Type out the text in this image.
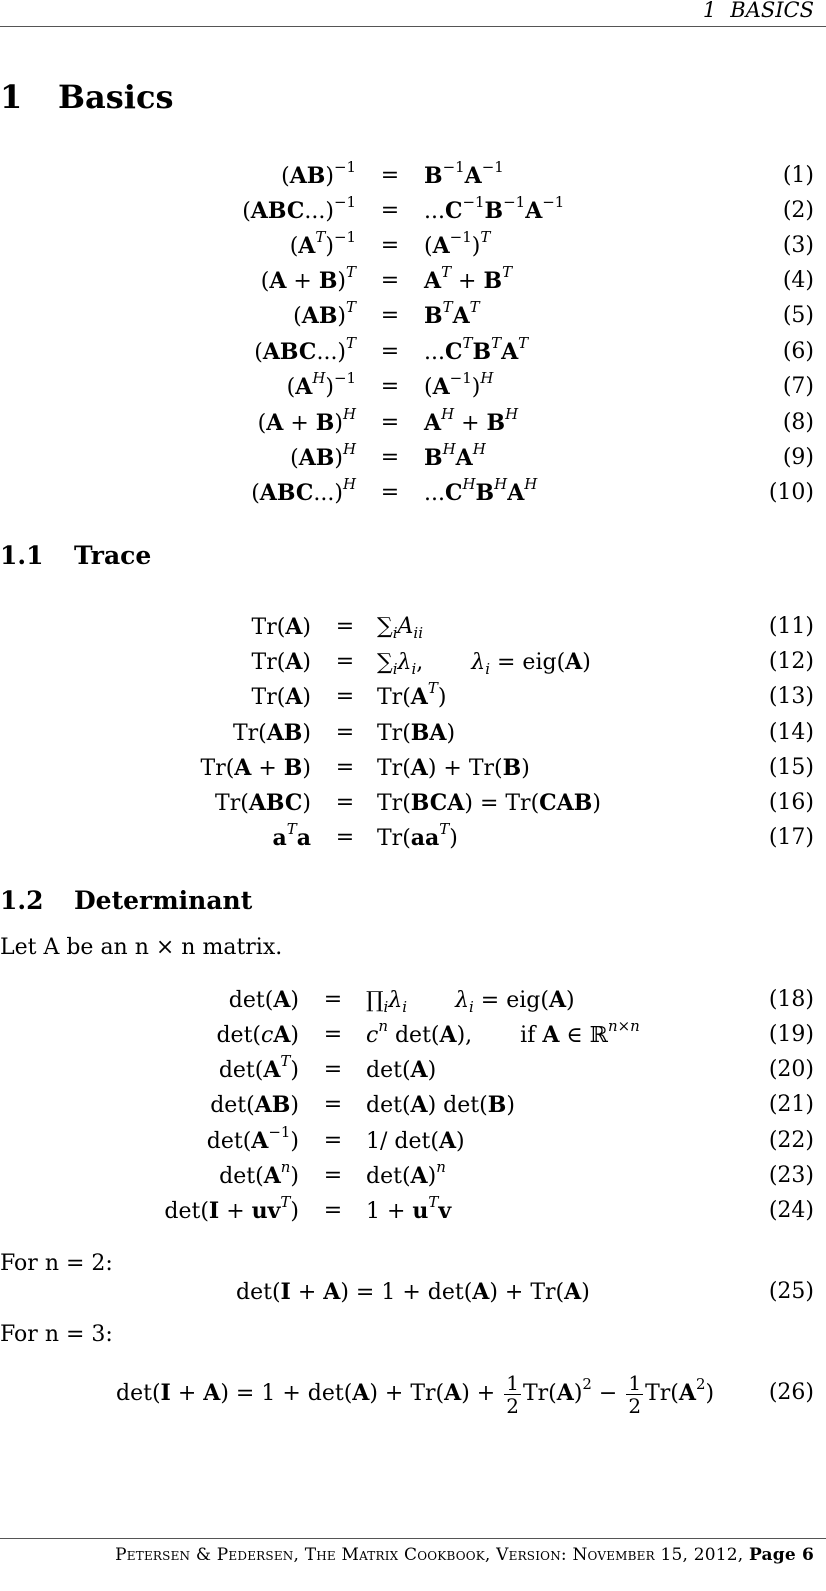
1 BASICS
1 Basics
$(AB)^{-1} = B^{-1}A^{-1}$	(1)
$(ABC...)^{-1} = ...C^{-1}B^{-1}A^{-1}$	(2)
$(A^T)^{-1} = (A^{-1})^T$	(3)
$(A + B)^T = A^T + B^T$	(4)
$(AB)^T = B^TA^T$	(5)
$(ABC...)^T = ...C^TB^TA^T$	(6)
$(A^H)^{-1} = (A^{-1})^H$	(7)
$(A + B)^H = A^H + B^H$	(8)
$(AB)^H = B^HA^H$	(9)
$(ABC...)^H = ...C^HB^HA^H$	(10)
1.1 Trace
$Tr(A) = \sum_iA_{ii}$	(11)
$Tr(A) = \sum_i\lambda_i$, $\lambda_i = eig(A)$	(12)
$Tr(A) = Tr(A^T)$	(13)
Tr(AB) = Tr(BA)	(14)
Tr(A + B) = Tr(A) + Tr(B)	(15)
Tr(ABC) = Tr(BCA) = Tr(CAB)	(16)
$a^Ta = Tr(aa^T)$	(17)
1.2 Determinant
Let A be an n × n matrix.
$\det(A) = \prod_i\lambda_i$ $\lambda_i = eig(A)$	(18)
$\det(cA) = c^n$ det(A), if A ∈ ℝ$^{n\times n}$	(19)
$\det(A^T) = \det(A)$	(20)
det(AB) = det(A) det(B)	(21)
$\det(A^{-1}) = 1/$ det(A)	(22)
$\det(A^n) = \det(A)^n$	(23)
$\det(I + uv^T) = 1 + u^Tv$	(24)
For n = 2:
det(I + A) = 1 + det(A) + Tr(A)	(25)
For n = 3:
$\det(I + A) = 1 + \det(A) + Tr(A) + \frac{1}{2} Tr(A)^2 - \frac{1}{2} Tr(A^2)$ (26)
Petersen & Pedersen, The Matrix Cookbook, Version: November 15, 2012, Page 6
